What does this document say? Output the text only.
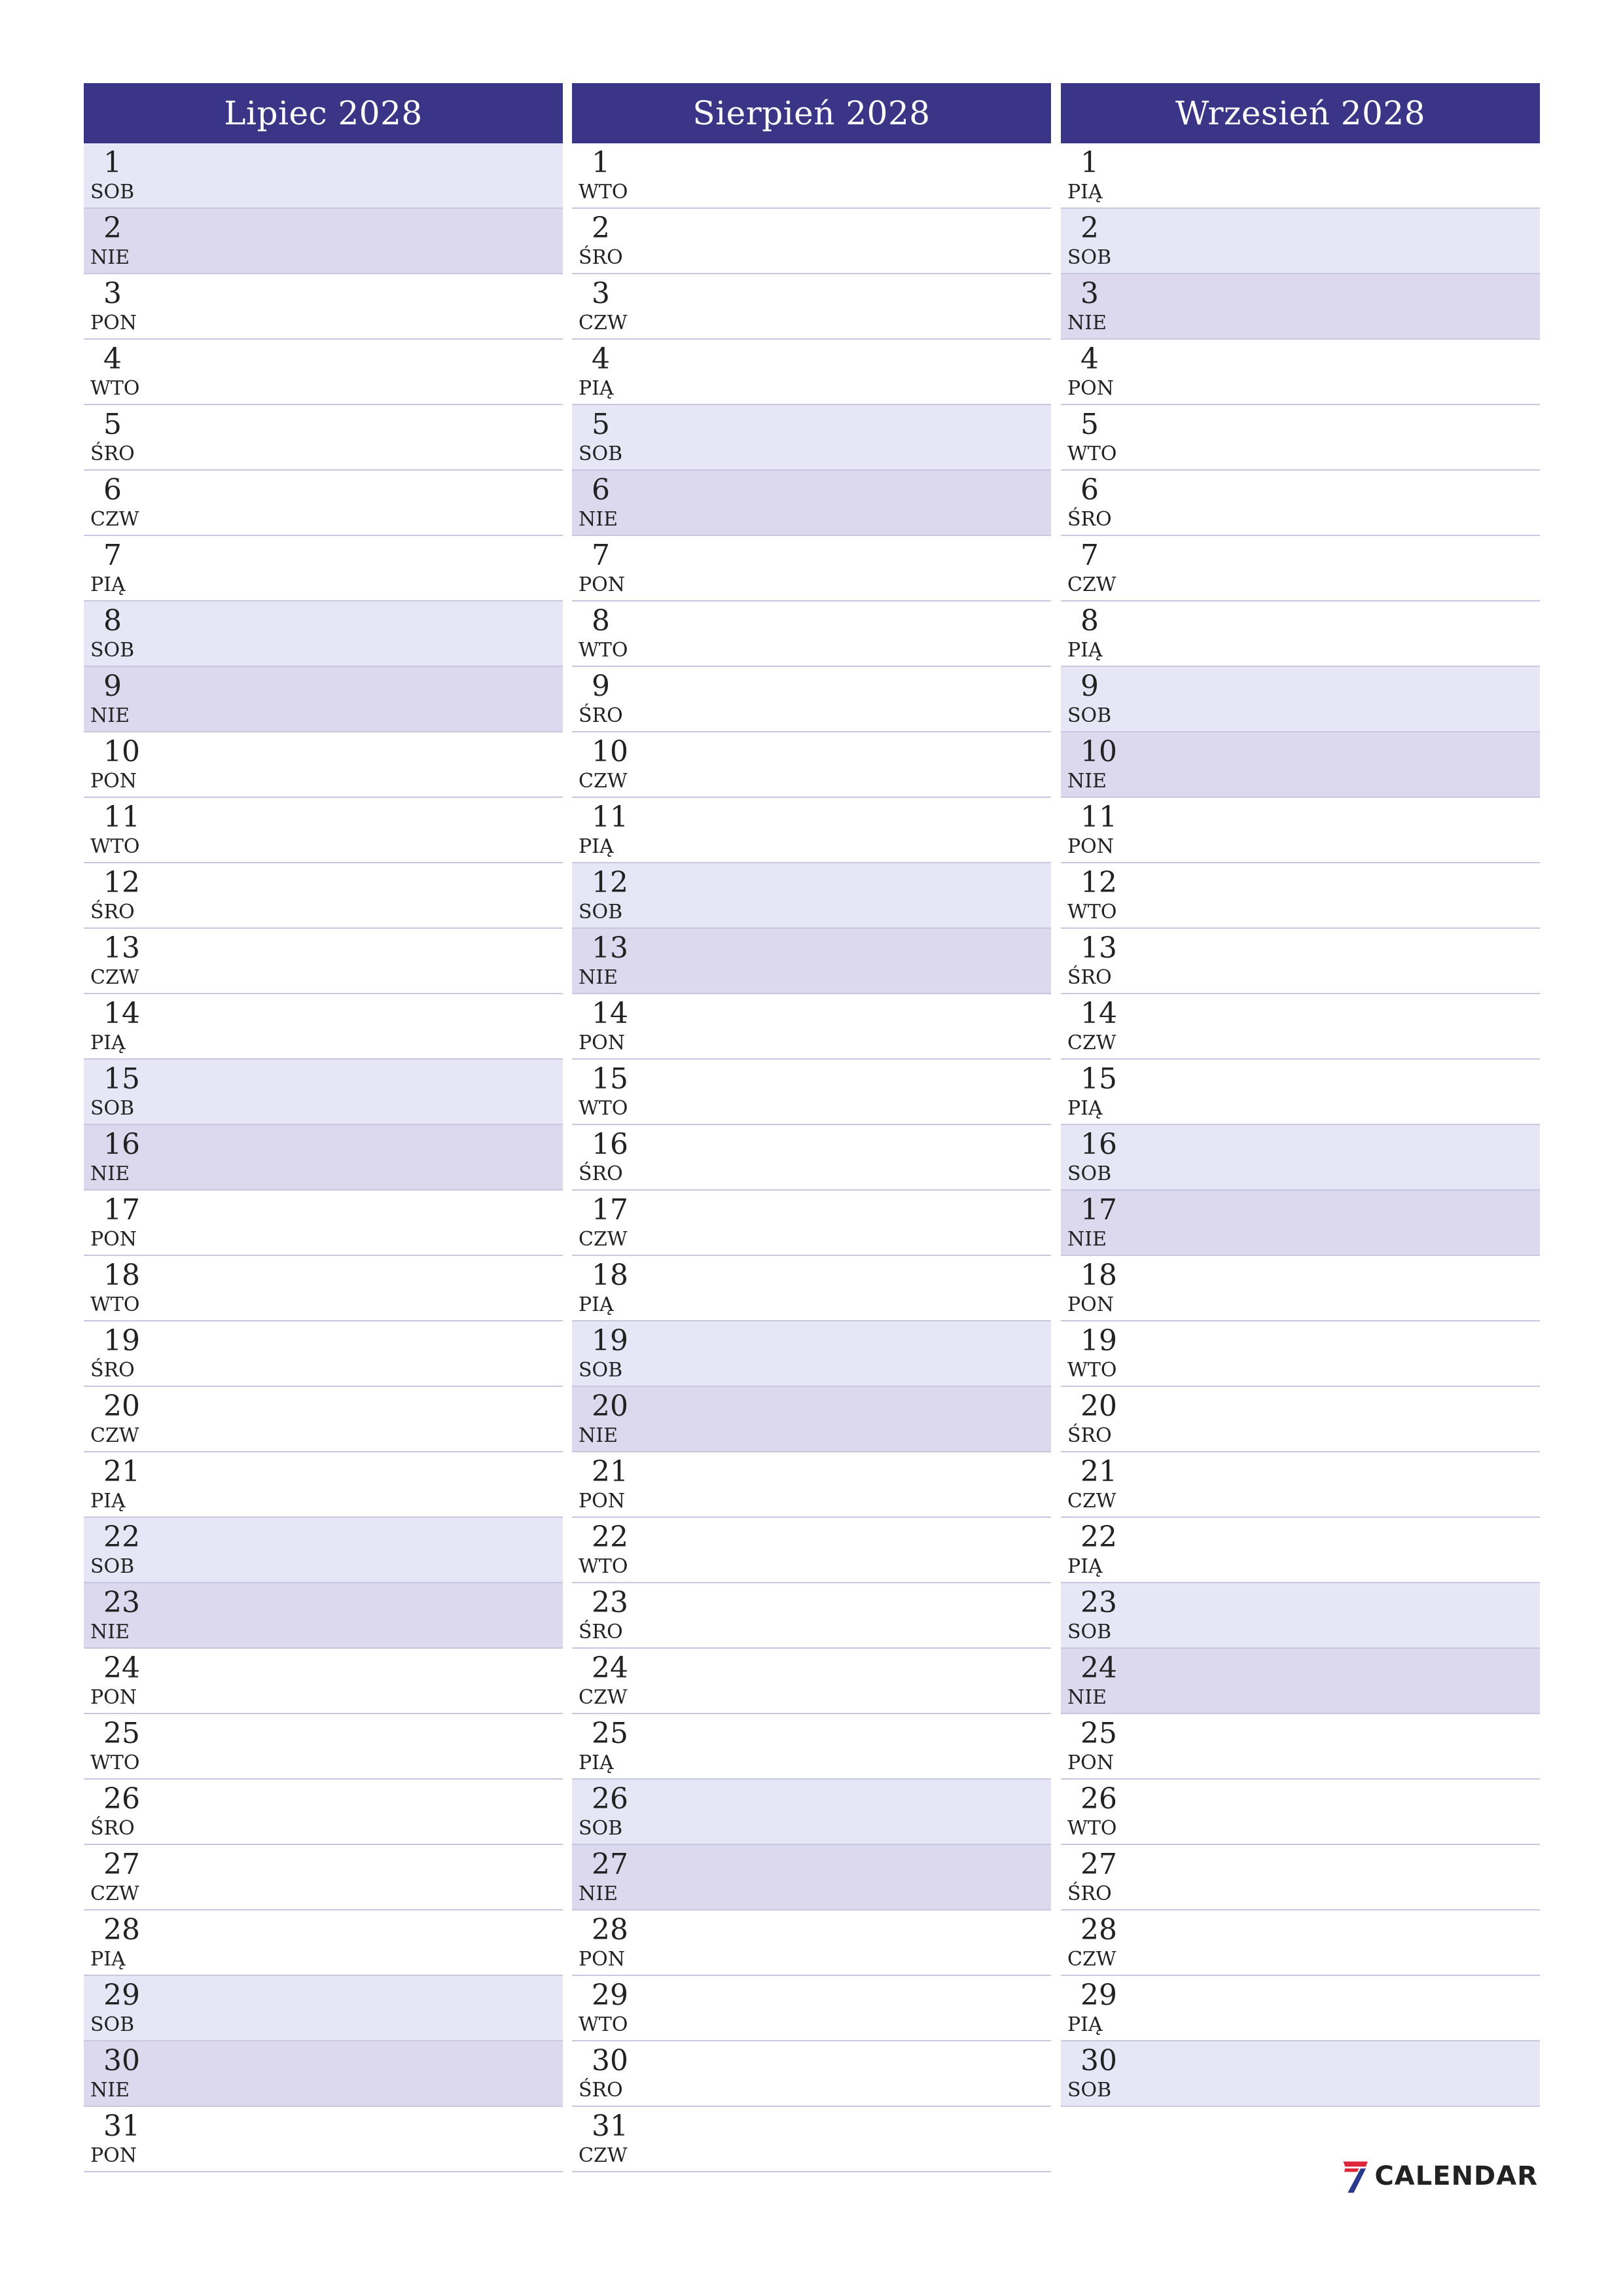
Lipiec 2028
1
SOB
2
NIE
3
PON
4
WTO
5
ŚRO
6
CZW
7
PIĄ
8
SOB
9
NIE
10
PON
11
WTO
12
ŚRO
13
CZW
14
PIĄ
15
SOB
16
NIE
17
PON
18
WTO
19
ŚRO
20
CZW
21
PIĄ
22
SOB
23
NIE
24
PON
25
WTO
26
ŚRO
27
CZW
28
PIĄ
29
SOB
30
NIE
31
PON
Sierpień 2028
1
WTO
2
ŚRO
3
CZW
4
PIĄ
5
SOB
6
NIE
7
PON
8
WTO
9
ŚRO
10
CZW
11
PIĄ
12
SOB
13
NIE
14
PON
15
WTO
16
ŚRO
17
CZW
18
PIĄ
19
SOB
20
NIE
21
PON
22
WTO
23
ŚRO
24
CZW
25
PIĄ
26
SOB
27
NIE
28
PON
29
WTO
30
ŚRO
31
CZW
Wrzesień 2028
1
PIĄ
2
SOB
3
NIE
4
PON
5
WTO
6
ŚRO
7
CZW
8
PIĄ
9
SOB
10
NIE
11
PON
12
WTO
13
ŚRO
14
CZW
15
PIĄ
16
SOB
17
NIE
18
PON
19
WTO
20
ŚRO
21
CZW
22
PIĄ
23
SOB
24
NIE
25
PON
26
WTO
27
ŚRO
28
CZW
29
PIĄ
30
SOB
CALENDAR
